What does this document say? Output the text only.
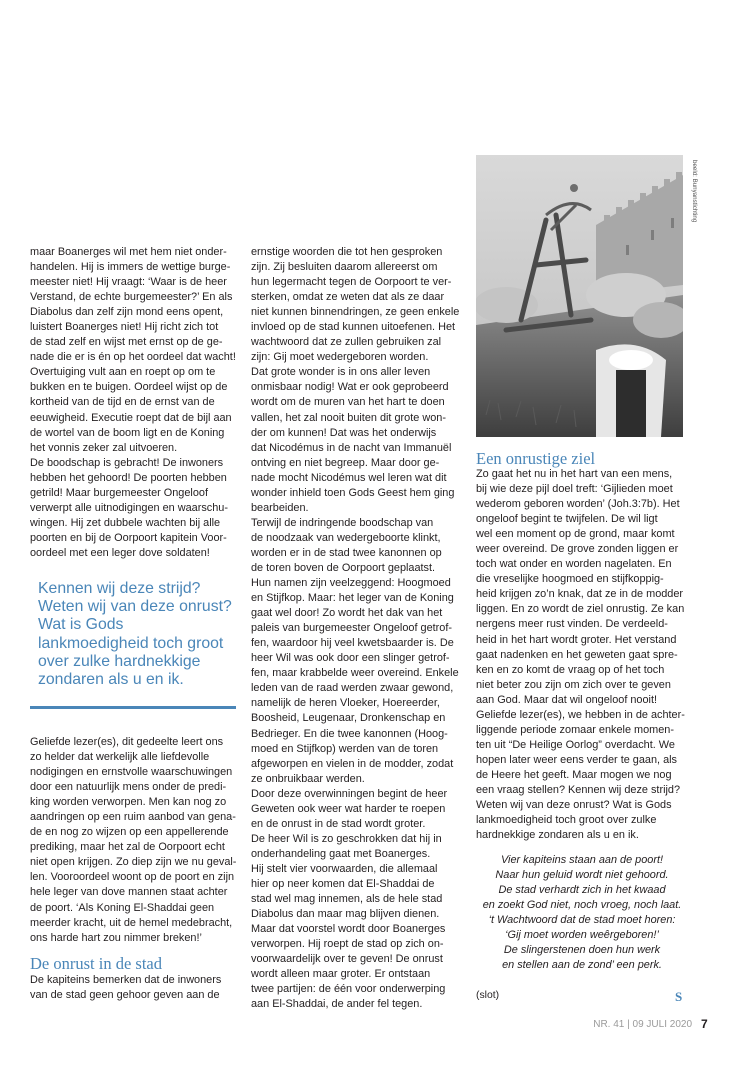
maar Boanerges wil met hem niet onder-

handelen. Hij is immers de wettige burge-

meester niet! Hij vraagt: ‘Waar is de heer

Verstand, de echte burgemeester?’ En als

Diabolus dan zelf zijn mond eens opent,

luistert Boanerges niet! Hij richt zich tot

de stad zelf en wijst met ernst op de ge-

nade die er is én op het oordeel dat wacht!

Overtuiging vult aan en roept op om te

bukken en te buigen. Oordeel wijst op de

kortheid van de tijd en de ernst van de

eeuwigheid. Executie roept dat de bijl aan

de wortel van de boom ligt en de Koning

het vonnis zeker zal uitvoeren.

De boodschap is gebracht! De inwoners

hebben het gehoord! De poorten hebben

getrild! Maar burgemeester Ongeloof

verwerpt alle uitnodigingen en waarschu-

wingen. Hij zet dubbele wachten bij alle

poorten en bij de Oorpoort kapitein Voor-

oordeel met een leger dove soldaten!

Kennen wij deze strijd? Weten wij van deze onrust? Wat is Gods lankmoedigheid toch groot over zulke hardnekkige zondaren als u en ik.

Geliefde lezer(es), dit gedeelte leert ons

zo helder dat werkelijk alle liefdevolle

nodigingen en ernstvolle waarschuwingen

door een natuurlijk mens onder de predi-

king worden verworpen. Men kan nog zo

aandringen op een ruim aanbod van gena-

de en nog zo wijzen op een appellerende

prediking, maar het zal de Oorpoort echt

niet open krijgen. Zo diep zijn we nu geval-

len. Vooroordeel woont op de poort en zijn

hele leger van dove mannen staat achter

de poort. ‘Als Koning El-Shaddai geen

meerder kracht, uit de hemel medebracht,

ons harde hart zou nimmer breken!’

De onrust in de stad

De kapiteins bemerken dat de inwoners

van de stad geen gehoor geven aan de

ernstige woorden die tot hen gesproken

zijn. Zij besluiten daarom allereerst om

hun legermacht tegen de Oorpoort te ver-

sterken, omdat ze weten dat als ze daar

niet kunnen binnendringen, ze geen enkele

invloed op de stad kunnen uitoefenen. Het

wachtwoord dat ze zullen gebruiken zal

zijn: Gij moet wedergeboren worden.

Dat grote wonder is in ons aller leven

onmisbaar nodig! Wat er ook geprobeerd

wordt om de muren van het hart te doen

vallen, het zal nooit buiten dit grote won-

der om kunnen! Dat was het onderwijs

dat Nicodémus in de nacht van Immanuël

ontving en niet begreep. Maar door ge-

nade mocht Nicodémus wel leren wat dit

wonder inhield toen Gods Geest hem ging

bearbeiden.

Terwijl de indringende boodschap van

de noodzaak van wedergeboorte klinkt,

worden er in de stad twee kanonnen op

de toren boven de Oorpoort geplaatst.

Hun namen zijn veelzeggend: Hoogmoed

en Stijfkop. Maar: het leger van de Koning

gaat wel door! Zo wordt het dak van het

paleis van burgemeester Ongeloof getrof-

fen, waardoor hij veel kwetsbaarder is. De

heer Wil was ook door een slinger getrof-

fen, maar krabbelde weer overeind. Enkele

leden van de raad werden zwaar gewond,

namelijk de heren Vloeker, Hoereerder,

Boosheid, Leugenaar, Dronkenschap en

Bedrieger. En die twee kanonnen (Hoog-

moed en Stijfkop) werden van de toren

afgeworpen en vielen in de modder, zodat

ze onbruikbaar werden.

Door deze overwinningen begint de heer

Geweten ook weer wat harder te roepen

en de onrust in de stad wordt groter.

De heer Wil is zo geschrokken dat hij in

onderhandeling gaat met Boanerges.

Hij stelt vier voorwaarden, die allemaal

hier op neer komen dat El-Shaddai de

stad wel mag innemen, als de hele stad

Diabolus dan maar mag blijven dienen.

Maar dat voorstel wordt door Boanerges

verworpen. Hij roept de stad op zich on-

voorwaardelijk over te geven! De onrust

wordt alleen maar groter. Er ontstaan

twee partijen: de één voor onderwerping

aan El-Shaddai, de ander fel tegen.

beeld: Bunyanstichting
Een onrustige ziel

Zo gaat het nu in het hart van een mens,

bij wie deze pijl doel treft: ‘Gijlieden moet

wederom geboren worden’ (Joh.3:7b). Het

ongeloof begint te twijfelen. De wil ligt

wel een moment op de grond, maar komt

weer overeind. De grove zonden liggen er

toch wat onder en worden nagelaten. En

die vreselijke hoogmoed en stijfkoppig-

heid krijgen zo’n knak, dat ze in de modder

liggen. En zo wordt de ziel onrustig. Ze kan

nergens meer rust vinden. De verdeeld-

heid in het hart wordt groter. Het verstand

gaat nadenken en het geweten gaat spre-

ken en zo komt de vraag op of het toch

niet beter zou zijn om zich over te geven

aan God. Maar dat wil ongeloof nooit!

Geliefde lezer(es), we hebben in de achter-

liggende periode zomaar enkele momen-

ten uit “De Heilige Oorlog” overdacht. We

hopen later weer eens verder te gaan, als

de Heere het geeft. Maar mogen we nog

een vraag stellen? Kennen wij deze strijd?

Weten wij van deze onrust? Wat is Gods

lankmoedigheid toch groot over zulke

hardnekkige zondaren als u en ik.

Vier kapiteins staan aan de poort!

Naar hun geluid wordt niet gehoord.

De stad verhardt zich in het kwaad

en zoekt God niet, noch vroeg, noch laat.

‘t Wachtwoord dat de stad moet horen:

‘Gij moet worden weêrgeboren!’

De slingerstenen doen hun werk

en stellen aan de zond’ een perk.

(slot)	S
NR. 41 | 09 JULI 2020 7
